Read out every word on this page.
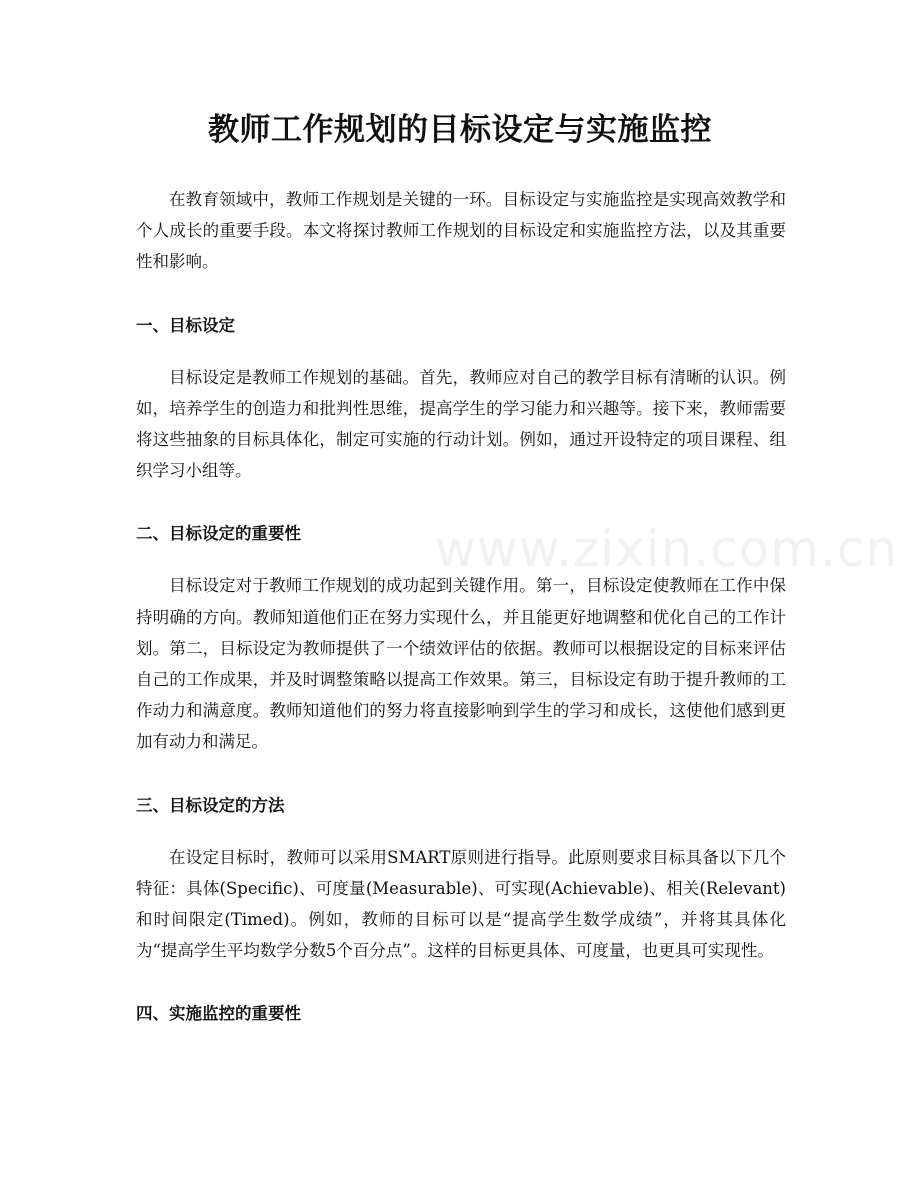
教师工作规划的目标设定与实施监控

在教育领域中，教师工作规划是关键的一环。目标设定与实施监控是实现高效教学和个人成长的重要手段。本文将探讨教师工作规划的目标设定和实施监控方法，以及其重要性和影响。

一、目标设定

目标设定是教师工作规划的基础。首先，教师应对自己的教学目标有清晰的认识。例如，培养学生的创造力和批判性思维，提高学生的学习能力和兴趣等。接下来，教师需要将这些抽象的目标具体化，制定可实施的行动计划。例如，通过开设特定的项目课程、组织学习小组等。

二、目标设定的重要性

目标设定对于教师工作规划的成功起到关键作用。第一，目标设定使教师在工作中保持明确的方向。教师知道他们正在努力实现什么，并且能更好地调整和优化自己的工作计划。第二，目标设定为教师提供了一个绩效评估的依据。教师可以根据设定的目标来评估自己的工作成果，并及时调整策略以提高工作效果。第三，目标设定有助于提升教师的工作动力和满意度。教师知道他们的努力将直接影响到学生的学习和成长，这使他们感到更加有动力和满足。

三、目标设定的方法

在设定目标时，教师可以采用SMART原则进行指导。此原则要求目标具备以下几个特征：具体(Specific)、可度量(Measurable)、可实现(Achievable)、相关(Relevant)和时间限定(Timed)。例如，教师的目标可以是“提高学生数学成绩”，并将其具体化为“提高学生平均数学分数5个百分点”。这样的目标更具体、可度量，也更具可实现性。

四、实施监控的重要性
www.zixin.com.cn
